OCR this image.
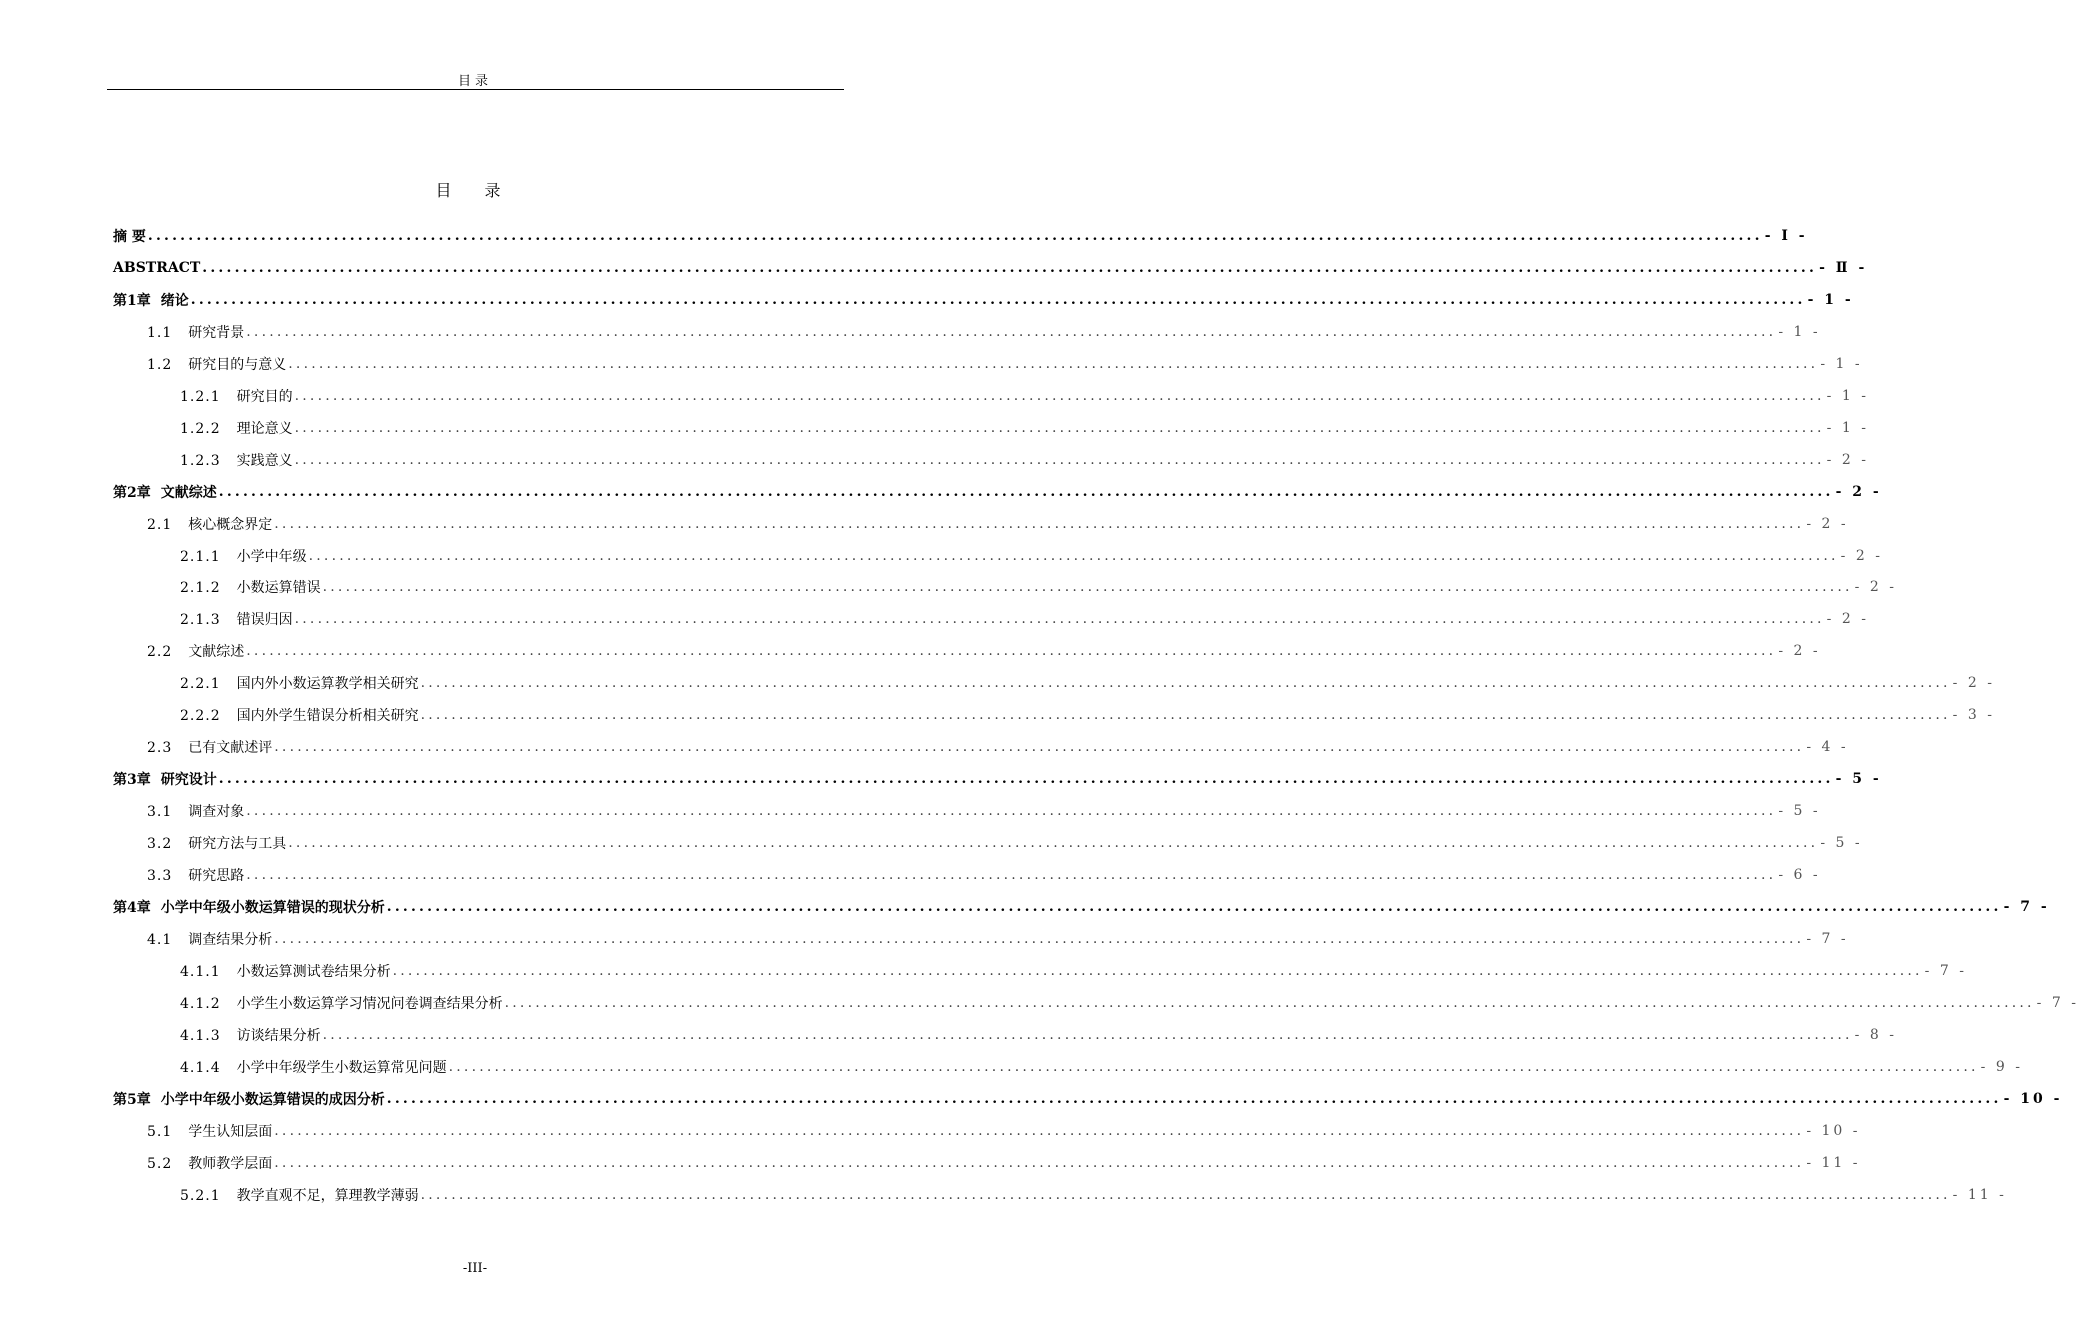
目录
目 录
摘 要 ........................................................................................................................................................................................................ - Ⅰ -
ABSTRACT ........................................................................................................................................................................................................ - Ⅱ -
第1章 绪论 ........................................................................................................................................................................................................ - 1 -
1.1 研究背景 ........................................................................................................................................................................................................ - 1 -
1.2 研究目的与意义 ........................................................................................................................................................................................................ - 1 -
1.2.1 研究目的 ........................................................................................................................................................................................................ - 1 -
1.2.2 理论意义 ........................................................................................................................................................................................................ - 1 -
1.2.3 实践意义 ........................................................................................................................................................................................................ - 2 -
第2章 文献综述 ........................................................................................................................................................................................................ - 2 -
2.1 核心概念界定 ........................................................................................................................................................................................................ - 2 -
2.1.1 小学中年级 ........................................................................................................................................................................................................ - 2 -
2.1.2 小数运算错误 ........................................................................................................................................................................................................ - 2 -
2.1.3 错误归因 ........................................................................................................................................................................................................ - 2 -
2.2 文献综述 ........................................................................................................................................................................................................ - 2 -
2.2.1 国内外小数运算教学相关研究 ........................................................................................................................................................................................................ - 2 -
2.2.2 国内外学生错误分析相关研究 ........................................................................................................................................................................................................ - 3 -
2.3 已有文献述评 ........................................................................................................................................................................................................ - 4 -
第3章 研究设计 ........................................................................................................................................................................................................ - 5 -
3.1 调查对象 ........................................................................................................................................................................................................ - 5 -
3.2 研究方法与工具 ........................................................................................................................................................................................................ - 5 -
3.3 研究思路 ........................................................................................................................................................................................................ - 6 -
第4章 小学中年级小数运算错误的现状分析 ........................................................................................................................................................................................................ - 7 -
4.1 调查结果分析 ........................................................................................................................................................................................................ - 7 -
4.1.1 小数运算测试卷结果分析 ........................................................................................................................................................................................................ - 7 -
4.1.2 小学生小数运算学习情况问卷调查结果分析 ........................................................................................................................................................................................................ - 7 -
4.1.3 访谈结果分析 ........................................................................................................................................................................................................ - 8 -
4.1.4 小学中年级学生小数运算常见问题 ........................................................................................................................................................................................................ - 9 -
第5章 小学中年级小数运算错误的成因分析 ........................................................................................................................................................................................................ - 10 -
5.1 学生认知层面 ........................................................................................................................................................................................................ - 10 -
5.2 教师教学层面 ........................................................................................................................................................................................................ - 11 -
5.2.1 教学直观不足，算理教学薄弱 ........................................................................................................................................................................................................ - 11 -
-III-
